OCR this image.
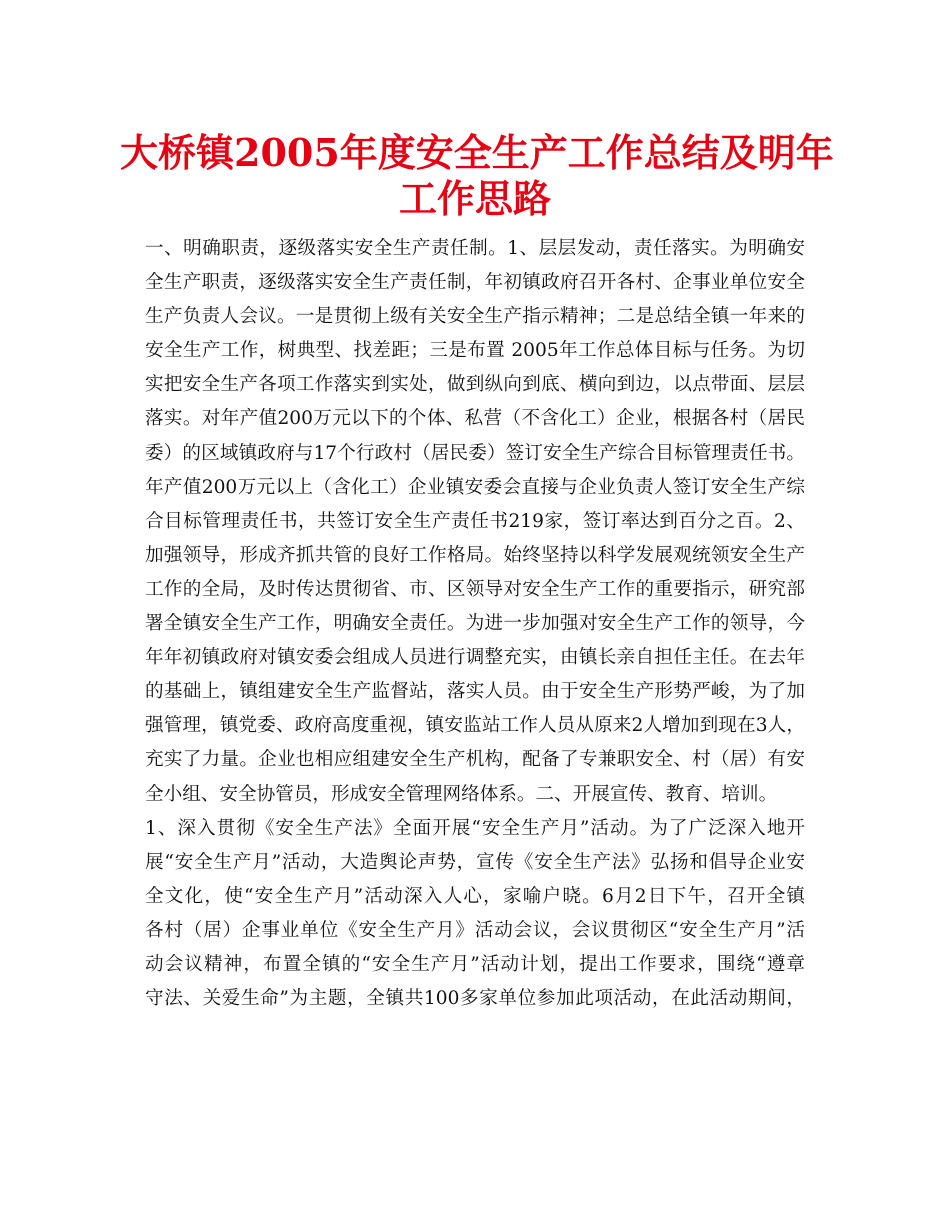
大桥镇2005年度安全生产工作总结及明年
工作思路
一、明确职责，逐级落实安全生产责任制。1、层层发动，责任落实。为明确安
全生产职责，逐级落实安全生产责任制，年初镇政府召开各村、企事业单位安全
生产负责人会议。一是贯彻上级有关安全生产指示精神；二是总结全镇一年来的
安全生产工作，树典型、找差距；三是布置 2005年工作总体目标与任务。为切
实把安全生产各项工作落实到实处，做到纵向到底、横向到边，以点带面、层层
落实。对年产值200万元以下的个体、私营（不含化工）企业，根据各村（居民
委）的区域镇政府与17个行政村（居民委）签订安全生产综合目标管理责任书。
年产值200万元以上（含化工）企业镇安委会直接与企业负责人签订安全生产综
合目标管理责任书，共签订安全生产责任书219家，签订率达到百分之百。2、
加强领导，形成齐抓共管的良好工作格局。始终坚持以科学发展观统领安全生产
工作的全局，及时传达贯彻省、市、区领导对安全生产工作的重要指示，研究部
署全镇安全生产工作，明确安全责任。为进一步加强对安全生产工作的领导，今
年年初镇政府对镇安委会组成人员进行调整充实，由镇长亲自担任主任。在去年
的基础上，镇组建安全生产监督站，落实人员。由于安全生产形势严峻，为了加
强管理，镇党委、政府高度重视，镇安监站工作人员从原来2人增加到现在3人，
充实了力量。企业也相应组建安全生产机构，配备了专兼职安全、村（居）有安
全小组、安全协管员，形成安全管理网络体系。二、开展宣传、教育、培训。
1、深入贯彻《安全生产法》全面开展“安全生产月”活动。为了广泛深入地开
展“安全生产月”活动，大造舆论声势，宣传《安全生产法》弘扬和倡导企业安
全文化，使“安全生产月”活动深入人心，家喻户晓。6月2日下午，召开全镇
各村（居）企事业单位《安全生产月》活动会议，会议贯彻区“安全生产月”活
动会议精神，布置全镇的“安全生产月”活动计划，提出工作要求，围绕“遵章
守法、关爱生命”为主题，全镇共100多家单位参加此项活动，在此活动期间，
